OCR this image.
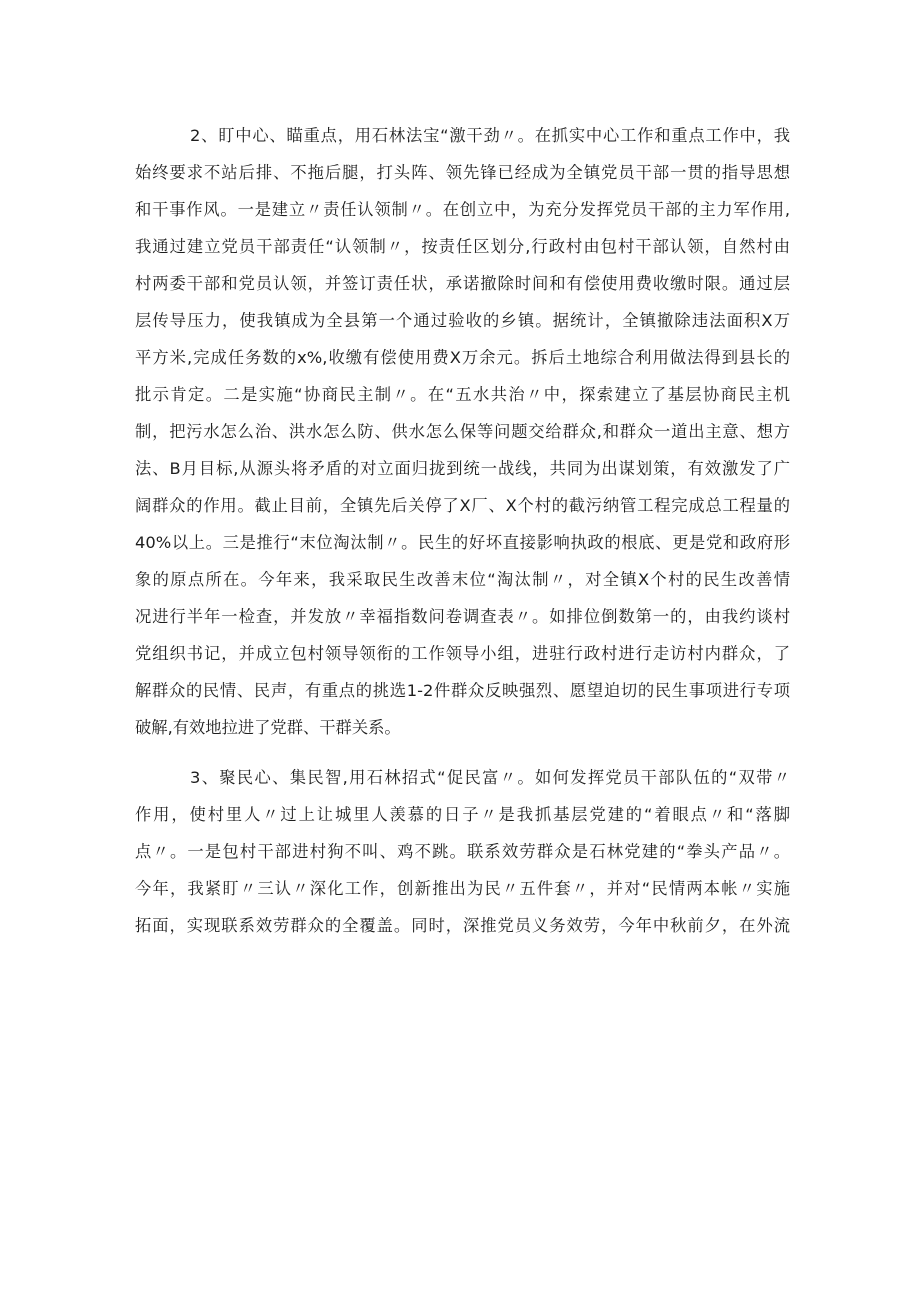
2、盯中心、瞄重点，用石林法宝“激干劲〃。在抓实中心工作和重点工作中，我
始终要求不站后排、不拖后腿，打头阵、领先锋已经成为全镇党员干部一贯的指导思想
和干事作风。一是建立〃责任认领制〃。在创立中，为充分发挥党员干部的主力军作用,
我通过建立党员干部责任“认领制〃，按责任区划分,行政村由包村干部认领，自然村由
村两委干部和党员认领，并签订责任状，承诺撤除时间和有偿使用费收缴时限。通过层
层传导压力，使我镇成为全县第一个通过验收的乡镇。据统计，全镇撤除违法面积X万
平方米,完成任务数的x%,收缴有偿使用费X万余元。拆后土地综合利用做法得到县长的
批示肯定。二是实施“协商民主制〃。在“五水共治〃中，探索建立了基层协商民主机
制，把污水怎么治、洪水怎么防、供水怎么保等问题交给群众,和群众一道出主意、想方
法、B月目标,从源头将矛盾的对立面归拢到统一战线，共同为出谋划策，有效激发了广
阔群众的作用。截止目前，全镇先后关停了X厂、X个村的截污纳管工程完成总工程量的
40%以上。三是推行“末位淘汰制〃。民生的好坏直接影响执政的根底、更是党和政府形
象的原点所在。今年来，我采取民生改善末位“淘汰制〃，对全镇X个村的民生改善情
况进行半年一检查，并发放〃幸福指数问卷调查表〃。如排位倒数第一的，由我约谈村
党组织书记，并成立包村领导领衔的工作领导小组，进驻行政村进行走访村内群众，了
解群众的民情、民声，有重点的挑选1-2件群众反映强烈、愿望迫切的民生事项进行专项
破解,有效地拉进了党群、干群关系。
3、聚民心、集民智,用石林招式“促民富〃。如何发挥党员干部队伍的“双带〃
作用，使村里人〃过上让城里人羡慕的日子〃是我抓基层党建的“着眼点〃和“落脚
点〃。一是包村干部进村狗不叫、鸡不跳。联系效劳群众是石林党建的“拳头产品〃。
今年，我紧盯〃三认〃深化工作，创新推出为民〃五件套〃，并对“民情两本帐〃实施
拓面，实现联系效劳群众的全覆盖。同时，深推党员义务效劳，今年中秋前夕，在外流
